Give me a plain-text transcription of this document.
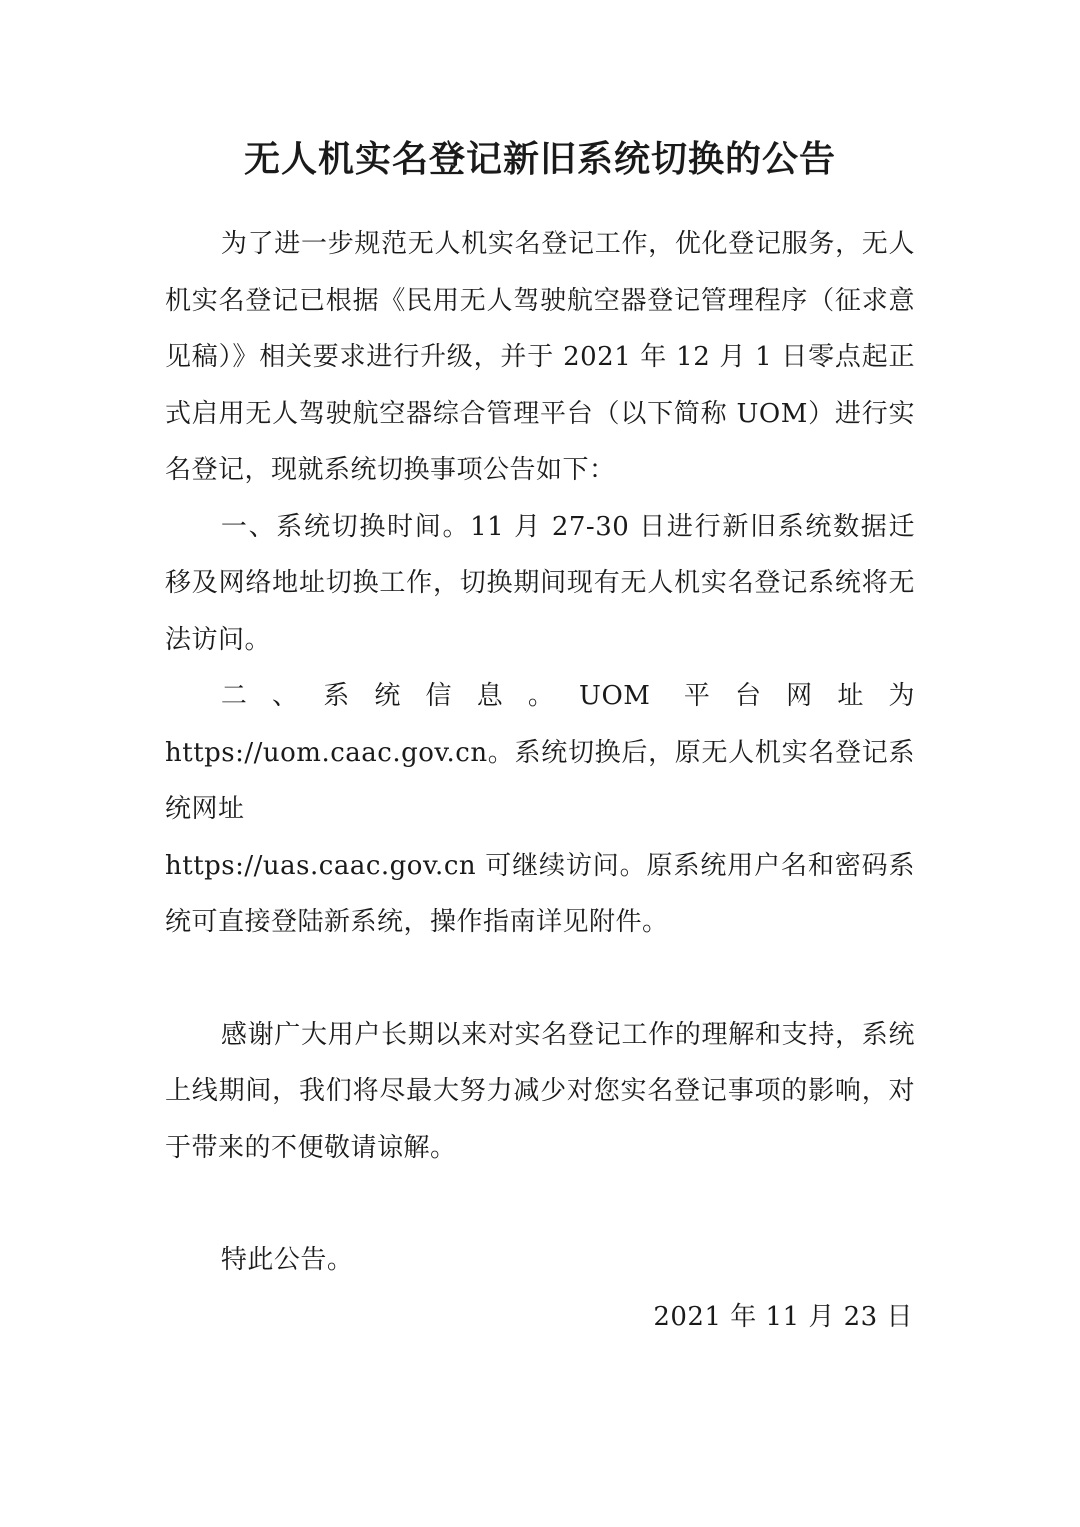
无人机实名登记新旧系统切换的公告

为了进一步规范无人机实名登记工作，优化登记服务，无人机实名登记已根据《民用无人驾驶航空器登记管理程序（征求意见稿）》相关要求进行升级，并于 2021 年 12 月 1 日零点起正式启用无人驾驶航空器综合管理平台（以下简称 UOM）进行实名登记，现就系统切换事项公告如下：

一、系统切换时间。11 月 27-30 日进行新旧系统数据迁移及网络地址切换工作，切换期间现有无人机实名登记系统将无法访问。

二、系统信息。UOM 平台网址为 https://uom.caac.gov.cn。系统切换后，原无人机实名登记系统网址
https://uas.caac.gov.cn 可继续访问。原系统用户名和密码系统可直接登陆新系统，操作指南详见附件。

感谢广大用户长期以来对实名登记工作的理解和支持，系统上线期间，我们将尽最大努力减少对您实名登记事项的影响，对于带来的不便敬请谅解。

特此公告。

2021 年 11 月 23 日
